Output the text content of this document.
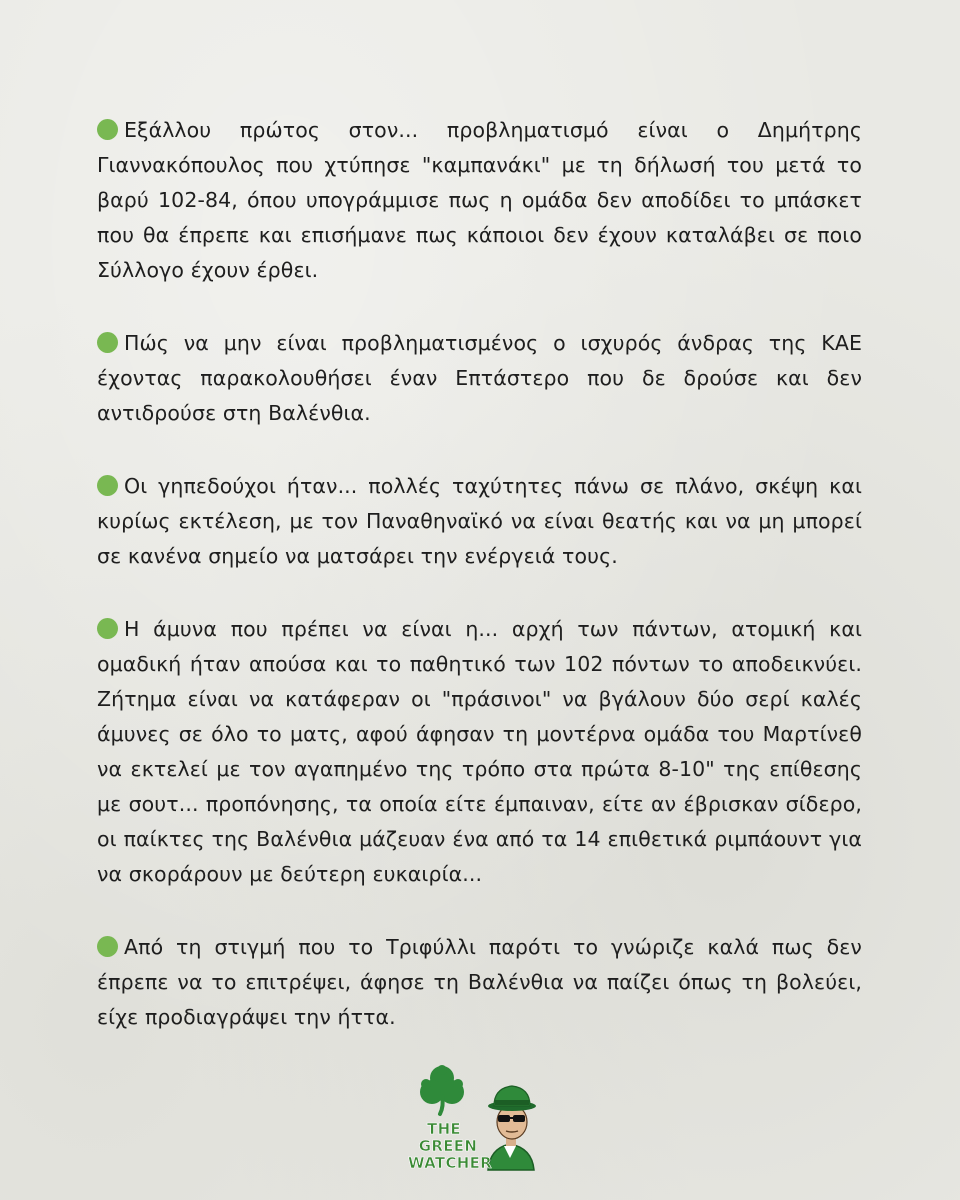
Εξάλλου πρώτος στον... προβληματισμό είναι ο Δημήτρης Γιαννακόπουλος που χτύπησε "καμπανάκι" με τη δήλωσή του μετά το βαρύ 102-84, όπου υπογράμμισε πως η ομάδα δεν αποδίδει το μπάσκετ που θα έπρεπε και επισήμανε πως κάποιοι δεν έχουν καταλάβει σε ποιο Σύλλογο έχουν έρθει.

Πώς να μην είναι προβληματισμένος ο ισχυρός άνδρας της ΚΑΕ έχοντας παρακολουθήσει έναν Επτάστερο που δε δρούσε και δεν αντιδρούσε στη Βαλένθια.

Οι γηπεδούχοι ήταν... πολλές ταχύτητες πάνω σε πλάνο, σκέψη και κυρίως εκτέλεση, με τον Παναθηναϊκό να είναι θεατής και να μη μπορεί σε κανένα σημείο να ματσάρει την ενέργειά τους.

Η άμυνα που πρέπει να είναι η... αρχή των πάντων, ατομική και ομαδική ήταν απούσα και το παθητικό των 102 πόντων το αποδεικνύει. Ζήτημα είναι να κατάφεραν οι "πράσινοι" να βγάλουν δύο σερί καλές άμυνες σε όλο το ματς, αφού άφησαν τη μοντέρνα ομάδα του Μαρτίνεθ να εκτελεί με τον αγαπημένο της τρόπο στα πρώτα 8-10" της επίθεσης με σουτ... προπόνησης, τα οποία είτε έμπαιναν, είτε αν έβρισκαν σίδερο, οι παίκτες της Βαλένθια μάζευαν ένα από τα 14 επιθετικά ριμπάουντ για να σκοράρουν με δεύτερη ευκαιρία...

Από τη στιγμή που το Τριφύλλι παρότι το γνώριζε καλά πως δεν έπρεπε να το επιτρέψει, άφησε τη Βαλένθια να παίζει όπως τη βολεύει, είχε προδιαγράψει την ήττα.

THE
GREEN
WATCHER
